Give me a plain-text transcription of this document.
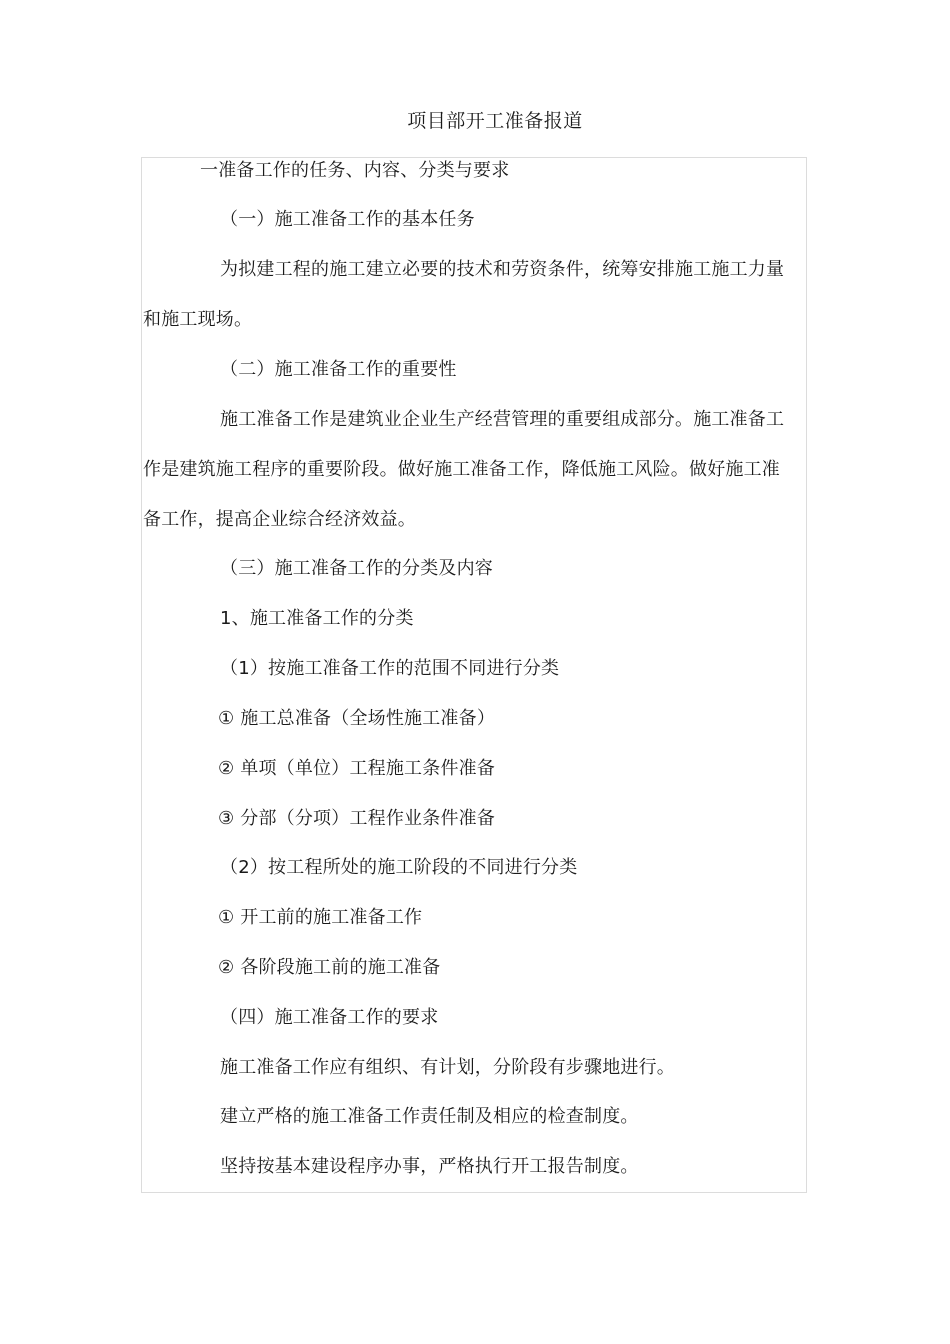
项目部开工准备报道
一准备工作的任务、内容、分类与要求
（一）施工准备工作的基本任务
为拟建工程的施工建立必要的技术和劳资条件，统筹安排施工施工力量
和施工现场。
（二）施工准备工作的重要性
施工准备工作是建筑业企业生产经营管理的重要组成部分。施工准备工
作是建筑施工程序的重要阶段。做好施工准备工作，降低施工风险。做好施工准
备工作，提高企业综合经济效益。
（三）施工准备工作的分类及内容
1、施工准备工作的分类
（1）按施工准备工作的范围不同进行分类
① 施工总准备（全场性施工准备）
② 单项（单位）工程施工条件准备
③ 分部（分项）工程作业条件准备
（2）按工程所处的施工阶段的不同进行分类
① 开工前的施工准备工作
② 各阶段施工前的施工准备
（四）施工准备工作的要求
施工准备工作应有组织、有计划，分阶段有步骤地进行。
建立严格的施工准备工作责任制及相应的检查制度。
坚持按基本建设程序办事，严格执行开工报告制度。
